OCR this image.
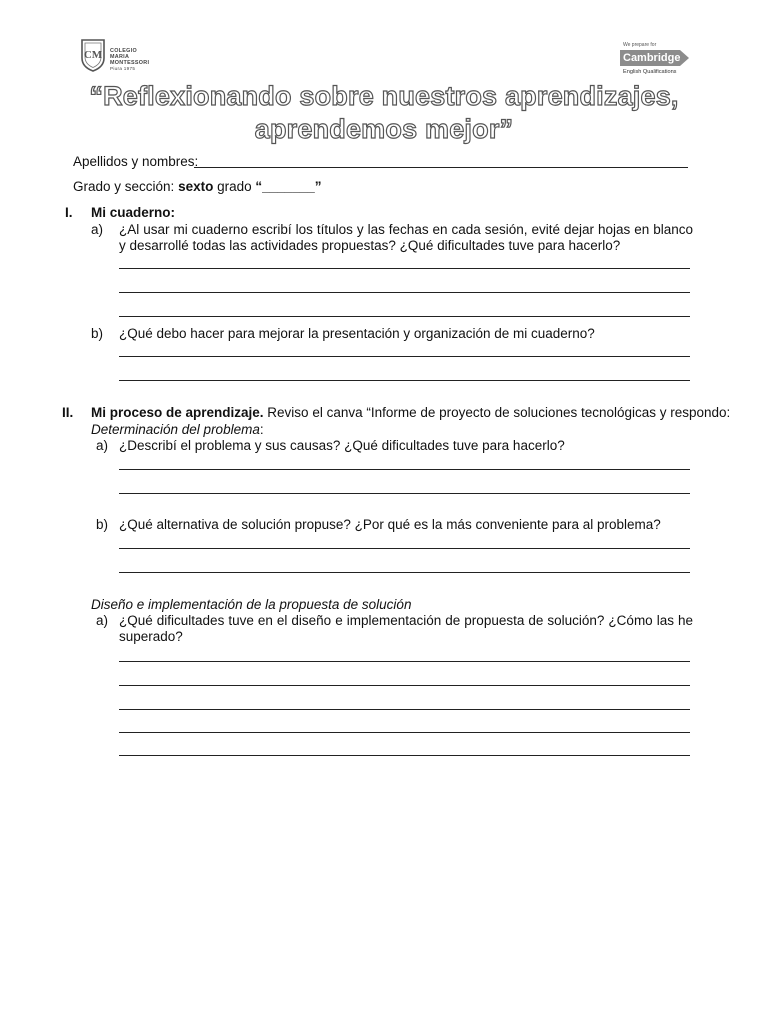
CM COLEGIO
MARIA
MONTESSORI
Piura 1975
We prepare for
Cambridge
English Qualifications
“Reflexionando sobre nuestros aprendizajes,
aprendemos mejor”
Apellidos y nombres:
Grado y sección: sexto grado “_______”
I. Mi cuaderno:
a) ¿Al usar mi cuaderno escribí los títulos y las fechas en cada sesión, evité dejar hojas en blanco y desarrollé todas las actividades propuestas? ¿Qué dificultades tuve para hacerlo?
b) ¿Qué debo hacer para mejorar la presentación y organización de mi cuaderno?
II. Mi proceso de aprendizaje. Reviso el canva “Informe de proyecto de soluciones tecnológicas y respondo:
Determinación del problema:
a) ¿Describí el problema y sus causas? ¿Qué dificultades tuve para hacerlo?
b) ¿Qué alternativa de solución propuse? ¿Por qué es la más conveniente para al problema?
Diseño e implementación de la propuesta de solución
a) ¿Qué dificultades tuve en el diseño e implementación de propuesta de solución? ¿Cómo las he superado?
